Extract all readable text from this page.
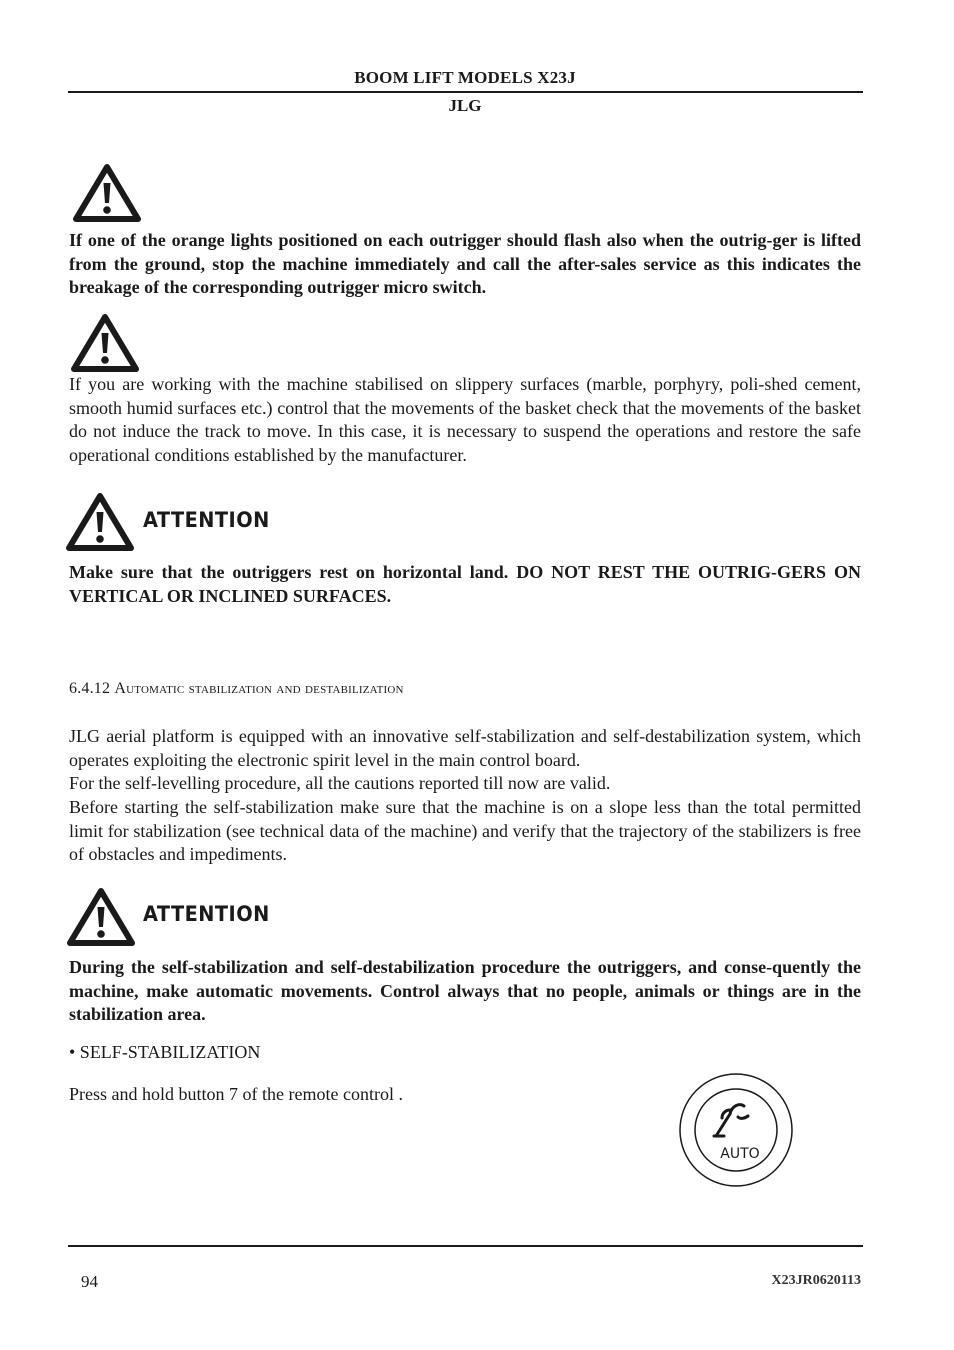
BOOM LIFT MODELS X23J
JLG
If one of the orange lights positioned on each outrigger should flash also when the outrig-ger is lifted from the ground, stop the machine immediately and call the after-sales service as this indicates the breakage of the corresponding outrigger micro switch.
If you are working with the machine stabilised on slippery surfaces (marble, porphyry, poli-shed cement, smooth humid surfaces etc.) control that the movements of the basket check that the movements of the basket do not induce the track to move. In this case, it is necessary to suspend the operations and restore the safe operational conditions established by the manufacturer.
ATTENTION
Make sure that the outriggers rest on horizontal land. DO NOT REST THE OUTRIG-GERS ON VERTICAL OR INCLINED SURFACES.
6.4.12 Automatic stabilization and destabilization
JLG aerial platform is equipped with an innovative self-stabilization and self-destabilization system, which operates exploiting the electronic spirit level in the main control board.
For the self-levelling procedure, all the cautions reported till now are valid.
Before starting the self-stabilization make sure that the machine is on a slope less than the total permitted limit for stabilization (see technical data of the machine) and verify that the trajectory of the stabilizers is free of obstacles and impediments.
ATTENTION
During the self-stabilization and self-destabilization procedure the outriggers, and conse-quently the machine, make automatic movements. Control always that no people, animals or things are in the stabilization area.
• SELF-STABILIZATION
Press and hold button 7 of the remote control .
AUTO
94	X23JR0620113
